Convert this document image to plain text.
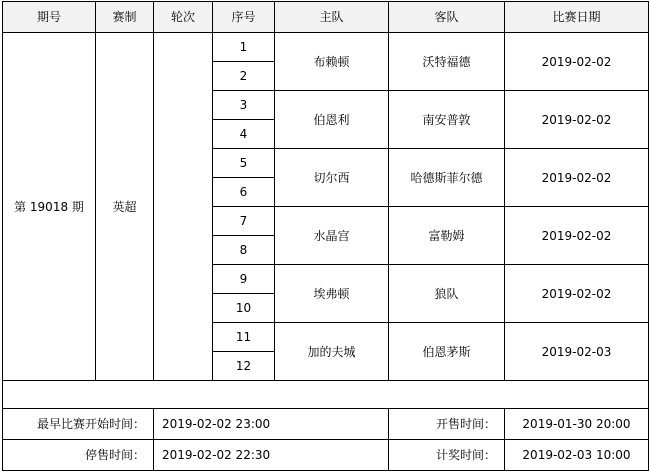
期号	赛制	轮次	序号	主队	客队	比赛日期
第 19018 期	英超		1	布赖顿	沃特福德	2019-02-02
			2			
			3	伯恩利	南安普敦	2019-02-02
			4			
			5	切尔西	哈德斯菲尔德	2019-02-02
			6			
			7	水晶宫	富勒姆	2019-02-02
			8			
			9	埃弗顿	狼队	2019-02-02
			10			
			11	加的夫城	伯恩茅斯	2019-02-03
			12			

最早比赛开始时间：		2019-02-02 23:00			开售时间：	2019-01-30 20:00
停售时间：		2019-02-02 22:30			计奖时间：	2019-02-03 10:00
